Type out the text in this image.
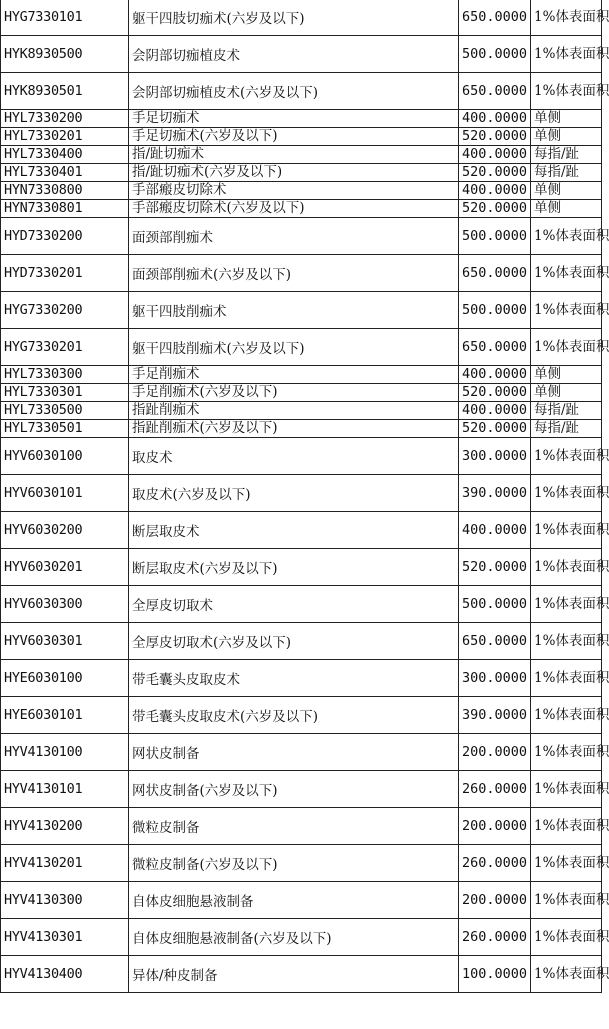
HYG7330101	躯干四肢切痂术(六岁及以下)	650.0000	1%体表面积
HYK8930500	会阴部切痂植皮术	500.0000	1%体表面积
HYK8930501	会阴部切痂植皮术(六岁及以下)	650.0000	1%体表面积
HYL7330200	手足切痂术	400.0000	单侧
HYL7330201	手足切痂术(六岁及以下)	520.0000	单侧
HYL7330400	指/趾切痂术	400.0000	每指/趾
HYL7330401	指/趾切痂术(六岁及以下)	520.0000	每指/趾
HYN7330800	手部瘢皮切除术	400.0000	单侧
HYN7330801	手部瘢皮切除术(六岁及以下)	520.0000	单侧
HYD7330200	面颈部削痂术	500.0000	1%体表面积
HYD7330201	面颈部削痂术(六岁及以下)	650.0000	1%体表面积
HYG7330200	躯干四肢削痂术	500.0000	1%体表面积
HYG7330201	躯干四肢削痂术(六岁及以下)	650.0000	1%体表面积
HYL7330300	手足削痂术	400.0000	单侧
HYL7330301	手足削痂术(六岁及以下)	520.0000	单侧
HYL7330500	指趾削痂术	400.0000	每指/趾
HYL7330501	指趾削痂术(六岁及以下)	520.0000	每指/趾
HYV6030100	取皮术	300.0000	1%体表面积
HYV6030101	取皮术(六岁及以下)	390.0000	1%体表面积
HYV6030200	断层取皮术	400.0000	1%体表面积
HYV6030201	断层取皮术(六岁及以下)	520.0000	1%体表面积
HYV6030300	全厚皮切取术	500.0000	1%体表面积
HYV6030301	全厚皮切取术(六岁及以下)	650.0000	1%体表面积
HYE6030100	带毛囊头皮取皮术	300.0000	1%体表面积
HYE6030101	带毛囊头皮取皮术(六岁及以下)	390.0000	1%体表面积
HYV4130100	网状皮制备	200.0000	1%体表面积
HYV4130101	网状皮制备(六岁及以下)	260.0000	1%体表面积
HYV4130200	微粒皮制备	200.0000	1%体表面积
HYV4130201	微粒皮制备(六岁及以下)	260.0000	1%体表面积
HYV4130300	自体皮细胞悬液制备	200.0000	1%体表面积
HYV4130301	自体皮细胞悬液制备(六岁及以下)	260.0000	1%体表面积
HYV4130400	异体/种皮制备	100.0000	1%体表面积
